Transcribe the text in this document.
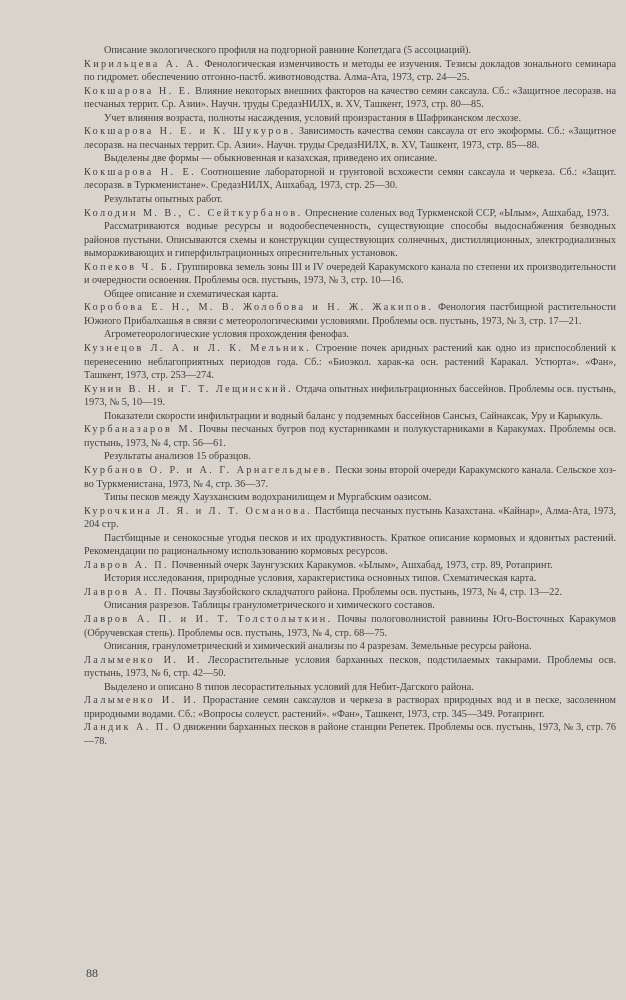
Описание экологического профиля на подгорной равнине Копетдага (5 ассоциаций).

Кирильцева А. А. Фенологическая изменчивость и методы ее изучения. Тезисы докладов зонального семинара по гидромет. обеспечению отгонно-пастб. животноводства. Алма-Ата, 1973, стр. 24—25.

Кокшарова Н. Е. Влияние некоторых внешних факторов на качество семян саксаула. Сб.: «Защитное лесоразв. на песчаных террит. Ср. Азии». Научн. труды СредазНИЛХ, в. XV, Ташкент, 1973, стр. 80—85.

Учет влияния возраста, полноты насаждения, условий произрастания в Шафриканском лесхозе.

Кокшарова Н. Е. и К. Шукуров. Зависимость качества семян саксаула от его экоформы. Сб.: «Защитное лесоразв. на песчаных террит. Ср. Азии». Научн. труды СредазНИЛХ, в. XV, Ташкент, 1973, стр. 85—88.

Выделены две формы — обыкновенная и казахская, приведено их описание.

Кокшарова Н. Е. Соотношение лабораторной и грунтовой всхожести семян саксаула и черкеза. Сб.: «Защит. лесоразв. в Туркменистане». СредазНИЛХ, Ашхабад, 1973, стр. 25—30.

Результаты опытных работ.

Колодин М. В., С. Сейткурбанов. Опреснение соленых вод Туркменской ССР, «Ылым», Ашхабад, 1973.

Рассматриваются водные ресурсы и водообеспеченность, существующие способы выдоснабжения безводных районов пустыни. Описываются схемы и конструкции существующих солнечных, дистилляционных, электродиализных вымораживающих и гиперфильтрационных опреснительных установок.

Копеков Ч. Б. Группировка земель зоны III и IV очередей Каракумского канала по степени их производительности и очередности освоения. Проблемы осв. пустынь, 1973, № 3, стр. 10—16.

Общее описание и схематическая карта.

Коробова Е. Н., М. В. Жолобова и Н. Ж. Жакипов. Фенология пастбищной растительности Южного Прибалхашья в связи с метеорологическими условиями. Проблемы осв. пустынь, 1973, № 3, стр. 17—21.

Агрометеорологические условия прохождения фенофаз.

Кузнецов Л. А. и Л. К. Мельник. Строение почек аридных растений как одно из приспособлений к перенесению неблагоприятных периодов года. Сб.: «Биоэкол. харак-ка осн. растений Каракал. Устюрта». «Фан», Ташкент, 1973, стр. 253—274.

Кунин В. Н. и Г. Т. Лещинский. Отдача опытных инфильтрационных бассейнов. Проблемы осв. пустынь, 1973, № 5, 10—19.

Показатели скорости инфильтрации и водный баланс у подземных бассейнов Сансыз, Сайнаксак, Уру и Карыкуль.

Курбаназаров М. Почвы песчаных бугров под кустарниками и полукустарниками в Каракумах. Проблемы осв. пустынь, 1973, № 4, стр. 56—61.

Результаты анализов 15 образцов.

Курбанов О. Р. и А. Г. Арнагельдыев. Пески зоны второй очереди Каракумского канала. Сельское хоз-во Туркменистана, 1973, № 4, стр. 36—37.

Типы песков между Хаузханским водохранилищем и Мургабским оазисом.

Курочкина Л. Я. и Л. Т. Османова. Пастбища песчаных пустынь Казахстана. «Кайнар», Алма-Ата, 1973, 204 стр.

Пастбищные и сенокосные угодья песков и их продуктивность. Краткое описание кормовых и ядовитых растений. Рекомендации по рациональному использованию кормовых ресурсов.

Лавров А. П. Почвенный очерк Заунгузских Каракумов. «Ылым», Ашхабад, 1973, стр. 89, Ротапринт.

История исследования, природные условия, характеристика основных типов. Схематическая карта.

Лавров А. П. Почвы Заузбойского складчатого района. Проблемы осв. пустынь, 1973, № 4, стр. 13—22.

Описания разрезов. Таблицы гранулометрического и химического составов.

Лавров А. П. и И. Т. Толстолыткин. Почвы пологоволнистой равнины Юго-Восточных Каракумов (Обручевская степь). Проблемы осв. пустынь, 1973, № 4, стр. 68—75.

Описания, гранулометрический и химический анализы по 4 разрезам. Земельные ресурсы района.

Лалыменко И. И. Лесорастительные условия барханных песков, подстилаемых такырами. Проблемы осв. пустынь, 1973, № 6, стр. 42—50.

Выделено и описано 8 типов лесорастительных условий для Небит-Дагского района.

Лалыменко И. И. Прорастание семян саксаулов и черкеза в растворах природных вод и в песке, засоленном природными водами. Сб.: «Вопросы солеуст. растений». «Фан», Ташкент, 1973, стр. 345—349. Ротапринт.

Ландик А. П. О движении барханных песков в районе станции Репетек. Проблемы осв. пустынь, 1973, № 3, стр. 76—78.

88
